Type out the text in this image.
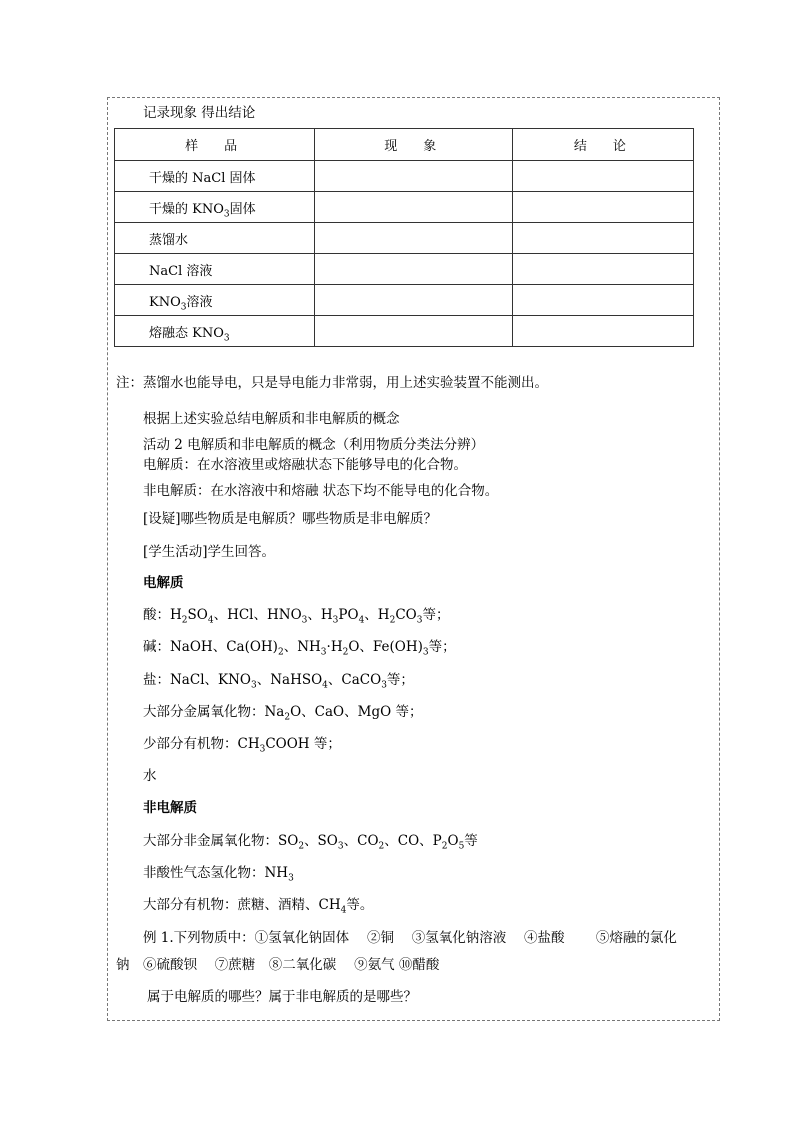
记录现象 得出结论
样　品	现　象	结　论
干燥的 NaCl 固体		
干燥的 $KNO_3$固体		
蒸馏水		
NaCl 溶液		
$KNO_3$溶液		
熔融态 $KNO_3$		
注：蒸馏水也能导电，只是导电能力非常弱，用上述实验装置不能测出。
根据上述实验总结电解质和非电解质的概念
活动 2 电解质和非电解质的概念（利用物质分类法分辨）
电解质：在水溶液里或熔融状态下能够导电的化合物。
非电解质：在水溶液中和熔融 状态下均不能导电的化合物。
[设疑]哪些物质是电解质？哪些物质是非电解质？
[学生活动]学生回答。
电解质
酸：$H_2SO_4$、HCl、$HNO_3$、$H_3PO_4$、$H_2CO_3$等；
碱：NaOH、$Ca(OH)_2$、$NH_3\cdot H_2O$、$Fe(OH)_3$等；
盐：NaCl、$KNO_3$、NaHSO$_4$、CaCO$_3$等；
大部分金属氧化物：$Na_2O$、CaO、MgO 等；
少部分有机物：$CH_3COOH$ 等；
水
非电解质
大部分非金属氧化物：$SO_2$、$SO_3$、$CO_2$、CO、$P_2O_5$等
非酸性气态氢化物：$NH_3$
大部分有机物：蔗糖、酒精、$CH_4$等。
例 1.下列物质中：①氢氧化钠固体　 ②铜　 ③氢氧化钠溶液　 ④盐酸　　 ⑤熔融的氯化
钠　⑥硫酸钡　 ⑦蔗糖　⑧二氧化碳　 ⑨氨气 ⑩醋酸
属于电解质的哪些？属于非电解质的是哪些？
